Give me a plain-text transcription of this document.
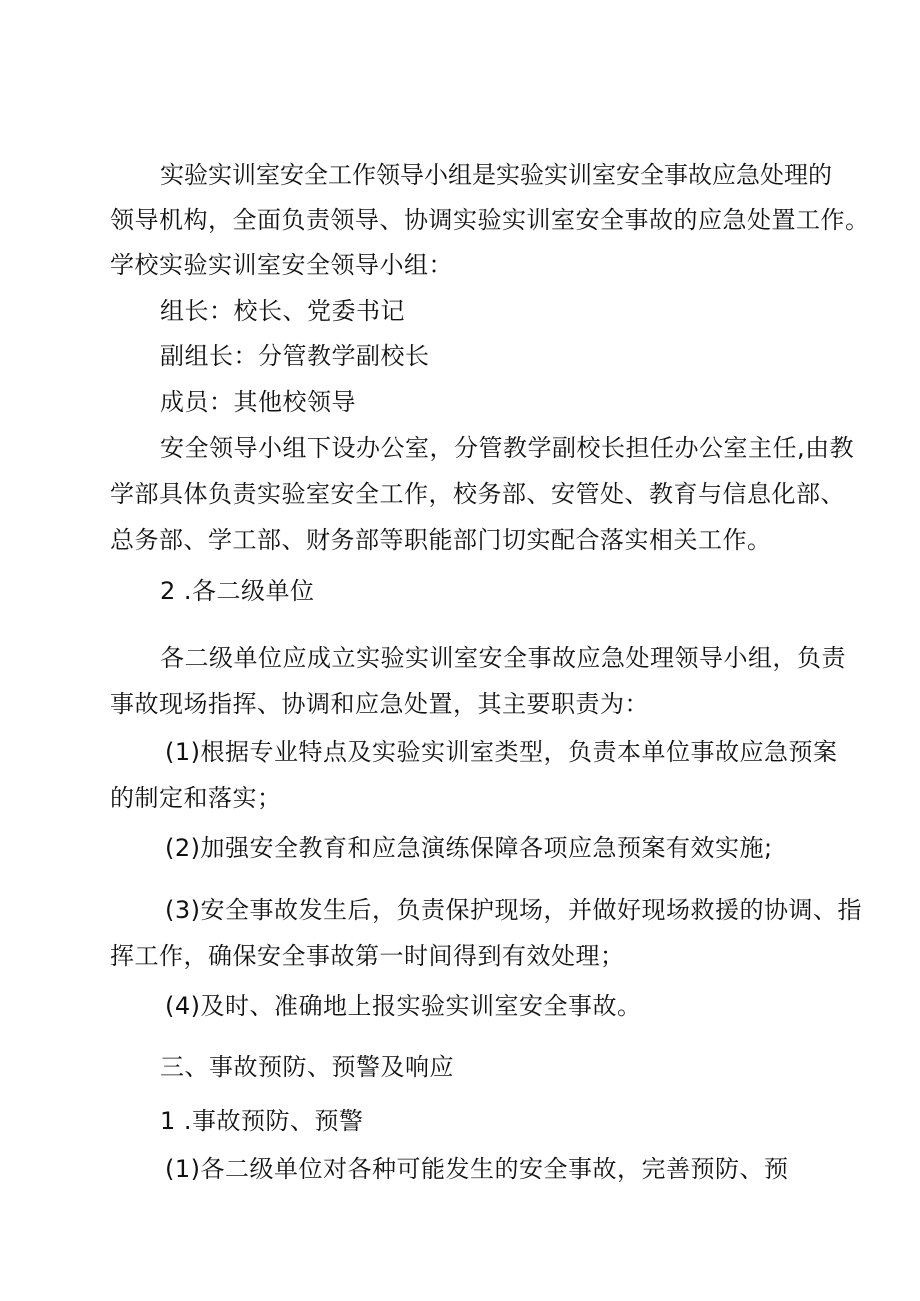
实验实训室安全工作领导小组是实验实训室安全事故应急处理的
领导机构，全面负责领导、协调实验实训室安全事故的应急处置工作。
学校实验实训室安全领导小组：
组长：校长、党委书记
副组长：分管教学副校长
成员：其他校领导
安全领导小组下设办公室，分管教学副校长担任办公室主任,由教
学部具体负责实验室安全工作，校务部、安管处、教育与信息化部、
总务部、学工部、财务部等职能部门切实配合落实相关工作。
2 .各二级单位
各二级单位应成立实验实训室安全事故应急处理领导小组，负责
事故现场指挥、协调和应急处置，其主要职责为：
(1)根据专业特点及实验实训室类型，负责本单位事故应急预案
的制定和落实；
(2)加强安全教育和应急演练保障各项应急预案有效实施;
(3)安全事故发生后，负责保护现场，并做好现场救援的协调、指
挥工作，确保安全事故第一时间得到有效处理；
(4)及时、准确地上报实验实训室安全事故。
三、事故预防、预警及响应
1 .事故预防、预警
(1)各二级单位对各种可能发生的安全事故，完善预防、预
